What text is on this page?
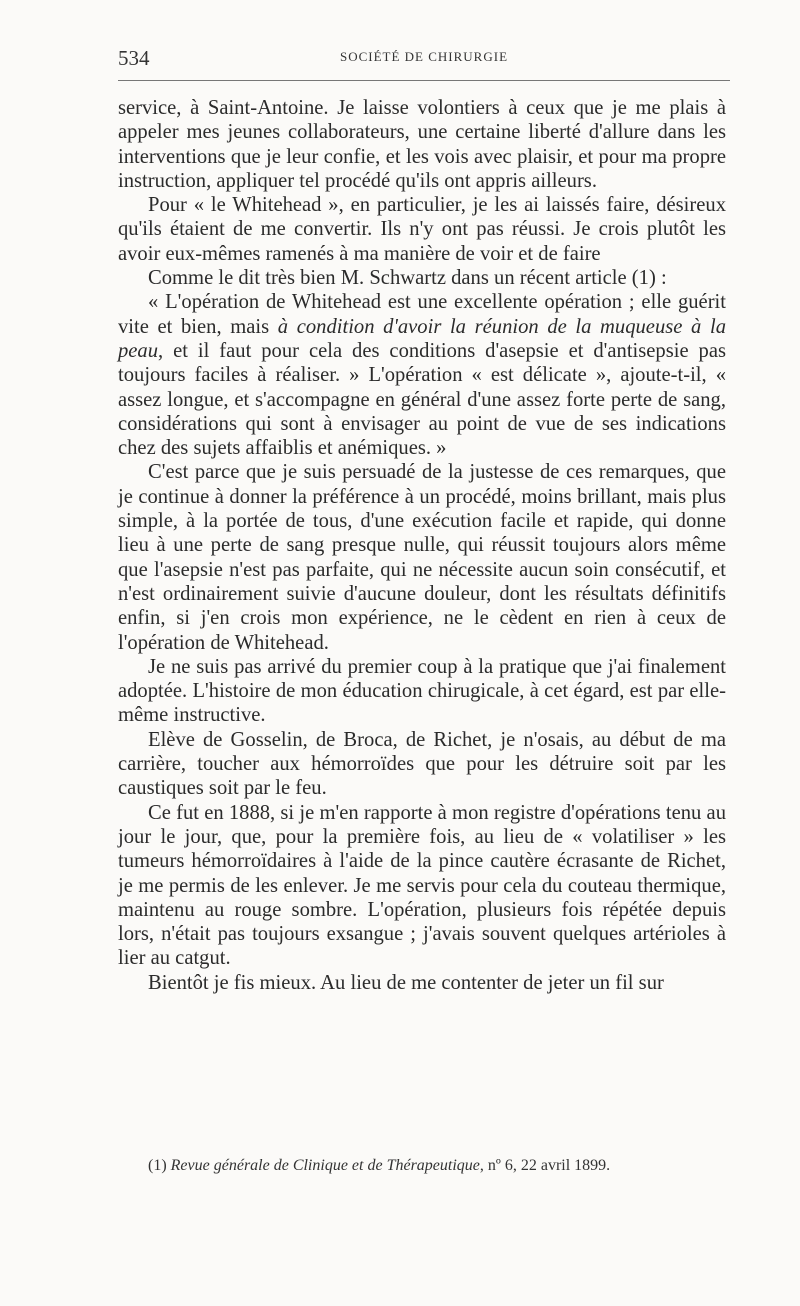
534	SOCIÉTÉ DE CHIRURGIE

service, à Saint-Antoine. Je laisse volontiers à ceux que je me plais à appeler mes jeunes collaborateurs, une certaine liberté d'allure dans les interventions que je leur confie, et les vois avec plaisir, et pour ma propre instruction, appliquer tel procédé qu'ils ont appris ailleurs.

Pour « le Whitehead », en particulier, je les ai laissés faire, désireux qu'ils étaient de me convertir. Ils n'y ont pas réussi. Je crois plutôt les avoir eux-mêmes ramenés à ma manière de voir et de faire

Comme le dit très bien M. Schwartz dans un récent article (1) :

« L'opération de Whitehead est une excellente opération ; elle guérit vite et bien, mais à condition d'avoir la réunion de la muqueuse à la peau, et il faut pour cela des conditions d'asepsie et d'antisepsie pas toujours faciles à réaliser. » L'opération « est délicate », ajoute-t-il, « assez longue, et s'accompagne en général d'une assez forte perte de sang, considérations qui sont à envisager au point de vue de ses indications chez des sujets affaiblis et anémiques. »

C'est parce que je suis persuadé de la justesse de ces remarques, que je continue à donner la préférence à un procédé, moins brillant, mais plus simple, à la portée de tous, d'une exécution facile et rapide, qui donne lieu à une perte de sang presque nulle, qui réussit toujours alors même que l'asepsie n'est pas parfaite, qui ne nécessite aucun soin consécutif, et n'est ordinairement suivie d'aucune douleur, dont les résultats définitifs enfin, si j'en crois mon expérience, ne le cèdent en rien à ceux de l'opération de Whitehead.

Je ne suis pas arrivé du premier coup à la pratique que j'ai finalement adoptée. L'histoire de mon éducation chirugicale, à cet égard, est par elle-même instructive.

Elève de Gosselin, de Broca, de Richet, je n'osais, au début de ma carrière, toucher aux hémorroïdes que pour les détruire soit par les caustiques soit par le feu.

Ce fut en 1888, si je m'en rapporte à mon registre d'opérations tenu au jour le jour, que, pour la première fois, au lieu de « volatiliser » les tumeurs hémorroïdaires à l'aide de la pince cautère écrasante de Richet, je me permis de les enlever. Je me servis pour cela du couteau thermique, maintenu au rouge sombre. L'opération, plusieurs fois répétée depuis lors, n'était pas toujours exsangue ; j'avais souvent quelques artérioles à lier au catgut.

Bientôt je fis mieux. Au lieu de me contenter de jeter un fil sur

(1) Revue générale de Clinique et de Thérapeutique, nº 6, 22 avril 1899.
